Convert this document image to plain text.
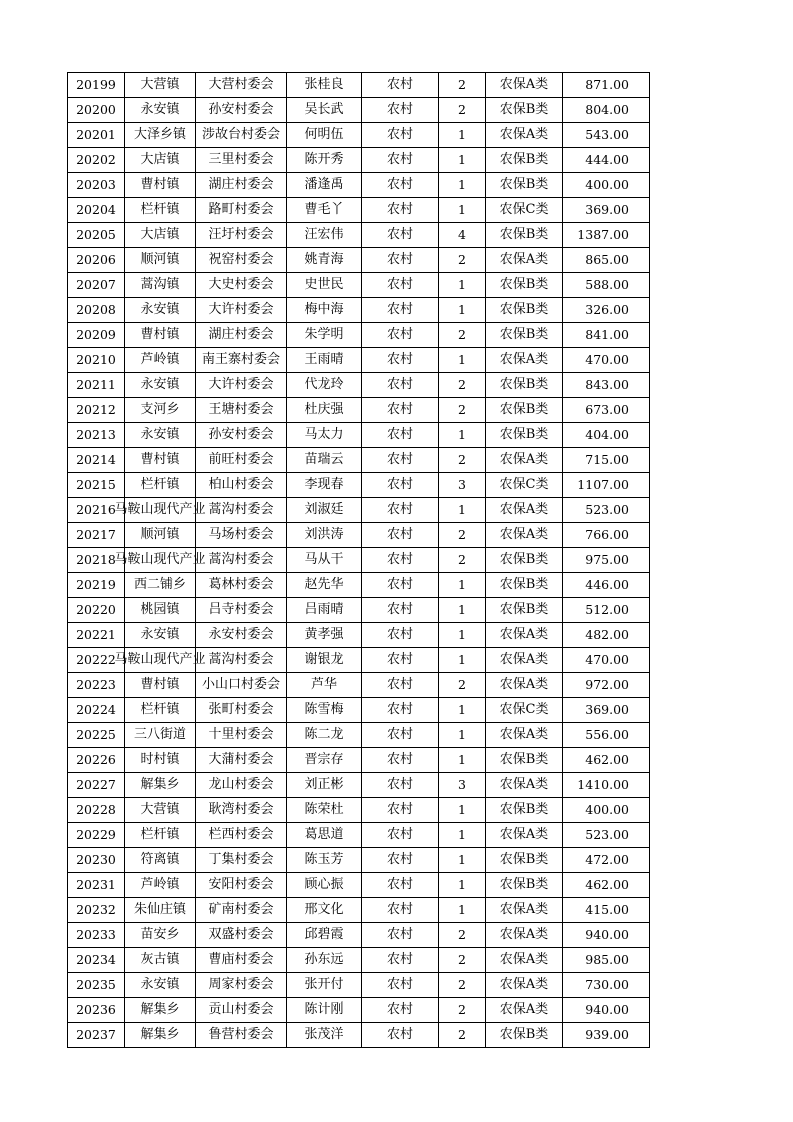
20199	大营镇	大营村委会	张桂良	农村	2	农保A类	871.00
20200	永安镇	孙安村委会	吴长武	农村	2	农保B类	804.00
20201	大泽乡镇	涉故台村委会	何明伍	农村	1	农保A类	543.00
20202	大店镇	三里村委会	陈开秀	农村	1	农保B类	444.00
20203	曹村镇	湖庄村委会	潘逢禹	农村	1	农保B类	400.00
20204	栏杆镇	路町村委会	曹毛丫	农村	1	农保C类	369.00
20205	大店镇	汪圩村委会	汪宏伟	农村	4	农保B类	1387.00
20206	顺河镇	祝窑村委会	姚青海	农村	2	农保A类	865.00
20207	蒿沟镇	大史村委会	史世民	农村	1	农保B类	588.00
20208	永安镇	大许村委会	梅中海	农村	1	农保B类	326.00
20209	曹村镇	湖庄村委会	朱学明	农村	2	农保B类	841.00
20210	芦岭镇	南王寨村委会	王雨晴	农村	1	农保A类	470.00
20211	永安镇	大许村委会	代龙玲	农村	2	农保B类	843.00
20212	支河乡	王塘村委会	杜庆强	农村	2	农保B类	673.00
20213	永安镇	孙安村委会	马太力	农村	1	农保B类	404.00
20214	曹村镇	前旺村委会	苗瑞云	农村	2	农保A类	715.00
20215	栏杆镇	柏山村委会	李现春	农村	3	农保C类	1107.00
20216	马鞍山现代产业	蒿沟村委会	刘淑廷	农村	1	农保A类	523.00
20217	顺河镇	马场村委会	刘洪涛	农村	2	农保A类	766.00
20218	马鞍山现代产业	蒿沟村委会	马从干	农村	2	农保B类	975.00
20219	西二铺乡	葛林村委会	赵先华	农村	1	农保B类	446.00
20220	桃园镇	吕寺村委会	吕雨晴	农村	1	农保B类	512.00
20221	永安镇	永安村委会	黄孝强	农村	1	农保A类	482.00
20222	马鞍山现代产业	蒿沟村委会	谢银龙	农村	1	农保A类	470.00
20223	曹村镇	小山口村委会	芦华	农村	2	农保A类	972.00
20224	栏杆镇	张町村委会	陈雪梅	农村	1	农保C类	369.00
20225	三八街道	十里村委会	陈二龙	农村	1	农保A类	556.00
20226	时村镇	大蒲村委会	晋宗存	农村	1	农保B类	462.00
20227	解集乡	龙山村委会	刘正彬	农村	3	农保A类	1410.00
20228	大营镇	耿湾村委会	陈荣杜	农村	1	农保B类	400.00
20229	栏杆镇	栏西村委会	葛思道	农村	1	农保A类	523.00
20230	符离镇	丁集村委会	陈玉芳	农村	1	农保B类	472.00
20231	芦岭镇	安阳村委会	顾心振	农村	1	农保B类	462.00
20232	朱仙庄镇	矿南村委会	邢文化	农村	1	农保A类	415.00
20233	苗安乡	双盛村委会	邱碧霞	农村	2	农保A类	940.00
20234	灰古镇	曹庙村委会	孙东远	农村	2	农保A类	985.00
20235	永安镇	周家村委会	张开付	农村	2	农保A类	730.00
20236	解集乡	贡山村委会	陈计刚	农村	2	农保A类	940.00
20237	解集乡	鲁营村委会	张茂洋	农村	2	农保B类	939.00
